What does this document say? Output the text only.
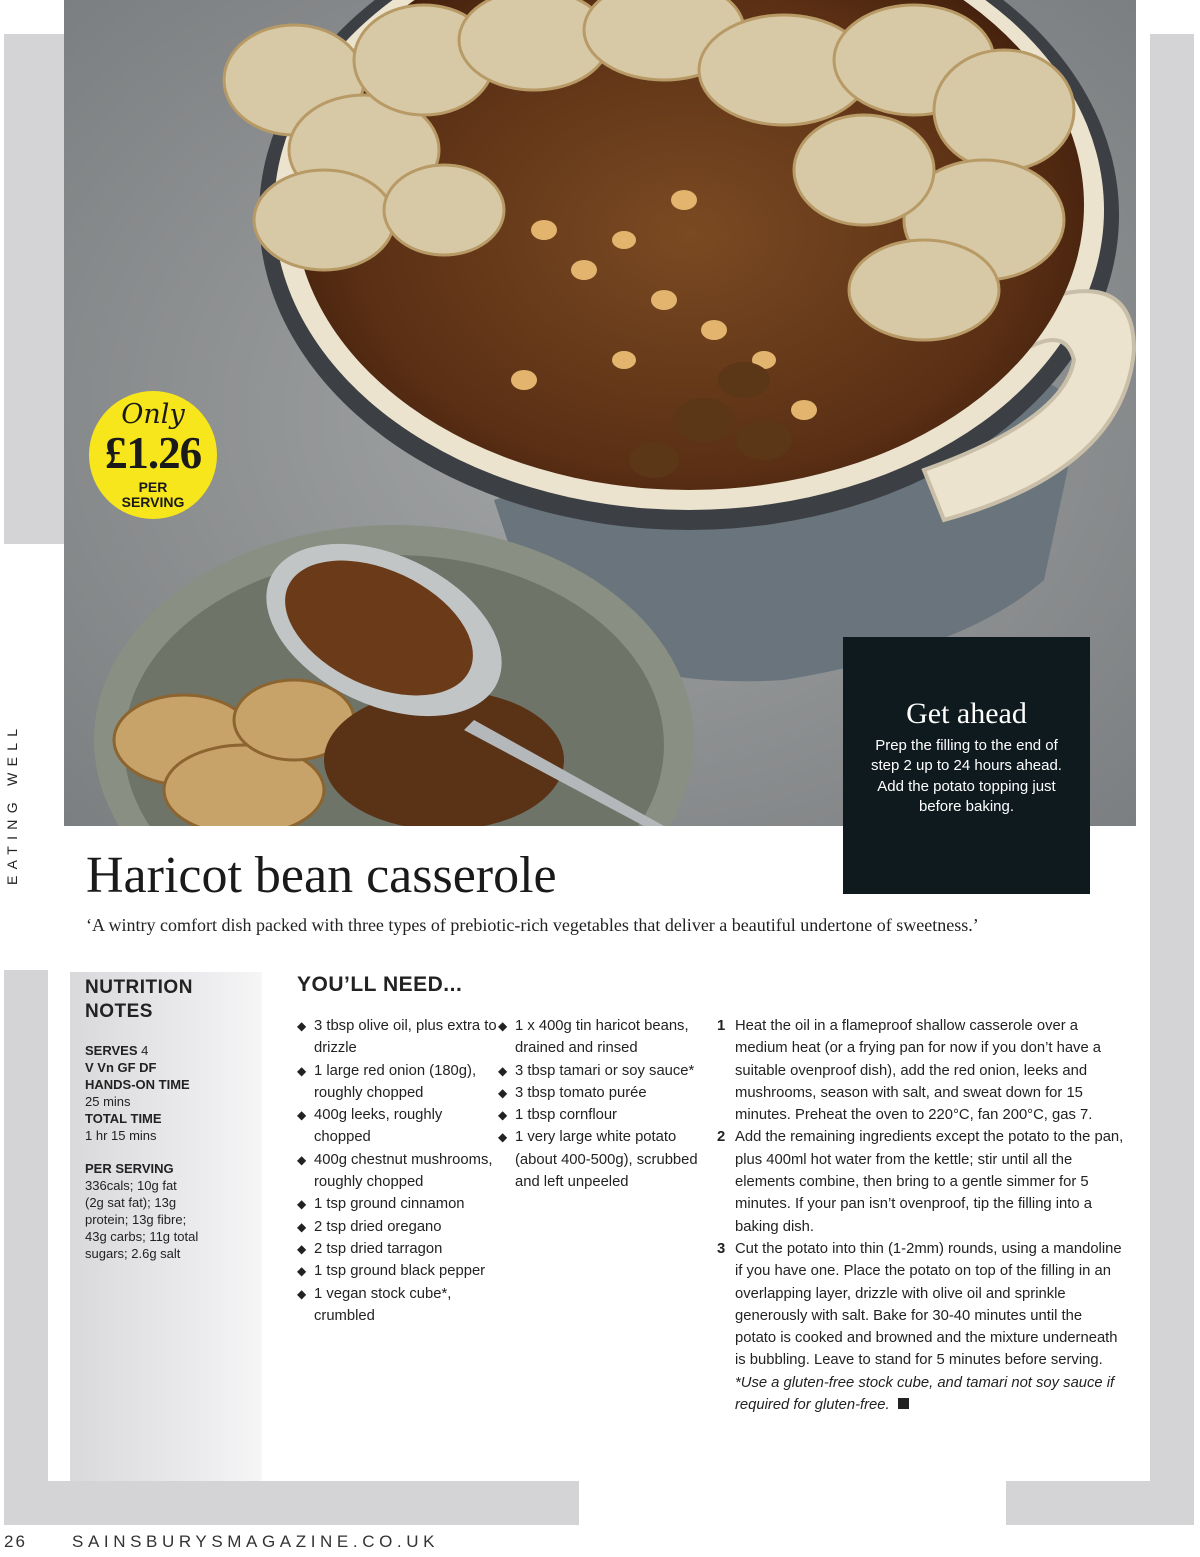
Only
£1.26
PER
SERVING
Get ahead

Prep the filling to the end of step 2 up to 24 hours ahead. Add the potato topping just before baking.

Haricot bean casserole

‘A wintry comfort dish packed with three types of prebiotic-rich vegetables that deliver a beautiful undertone of sweetness.’

NUTRITION
NOTES
SERVES 4
V Vn GF DF
HANDS-ON TIME
25 mins
TOTAL TIME
1 hr 15 mins
PER SERVING
336cals; 10g fat
(2g sat fat); 13g
protein; 13g fibre;
43g carbs; 11g total
sugars; 2.6g salt
YOU’LL NEED...
◆ 3 tbsp olive oil, plus extra to drizzle
◆ 1 large red onion (180g), roughly chopped
◆ 400g leeks, roughly chopped
◆ 400g chestnut mushrooms, roughly chopped
◆ 1 tsp ground cinnamon
◆ 2 tsp dried oregano
◆ 2 tsp dried tarragon
◆ 1 tsp ground black pepper
◆ 1 vegan stock cube*, crumbled
◆ 1 x 400g tin haricot beans, drained and rinsed
◆ 3 tbsp tamari or soy sauce*
◆ 3 tbsp tomato purée
◆ 1 tbsp cornflour
◆ 1 very large white potato (about 400-500g), scrubbed and left unpeeled
1 Heat the oil in a flameproof shallow casserole over a medium heat (or a frying pan for now if you don’t have a suitable ovenproof dish), add the red onion, leeks and mushrooms, season with salt, and sweat down for 15 minutes. Preheat the oven to 220°C, fan 200°C, gas 7.
2 Add the remaining ingredients except the potato to the pan, plus 400ml hot water from the kettle; stir until all the elements combine, then bring to a gentle simmer for 5 minutes. If your pan isn’t ovenproof, tip the filling into a baking dish.
3 Cut the potato into thin (1-2mm) rounds, using a mandoline if you have one. Place the potato on top of the filling in an overlapping layer, drizzle with olive oil and sprinkle generously with salt. Bake for 30-40 minutes until the potato is cooked and browned and the mixture underneath is bubbling. Leave to stand for 5 minutes before serving.
*Use a gluten-free stock cube, and tamari not soy sauce if required for gluten-free.
EATING WELL
26	SAINSBURYSMAGAZINE.CO.UK
